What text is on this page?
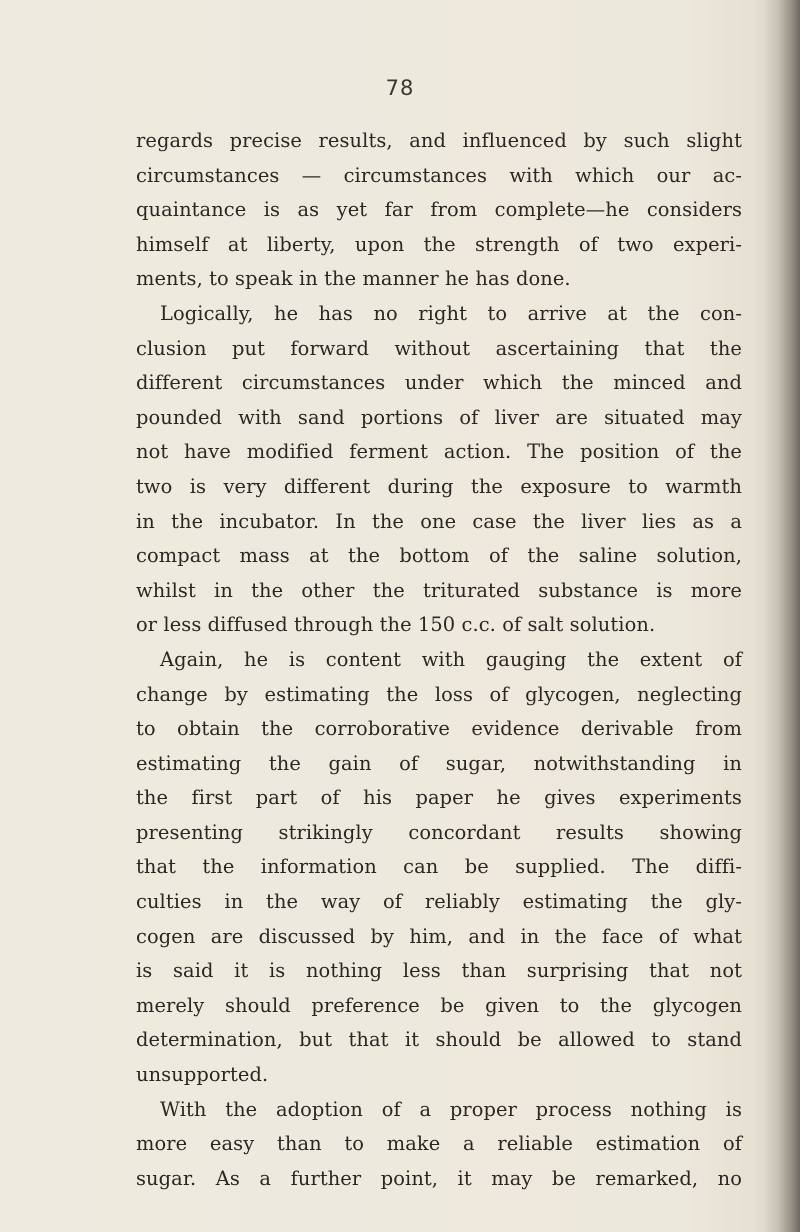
78
regards precise results, and influenced by such slight
circumstances — circumstances with which our ac-
quaintance is as yet far from complete—he considers
himself at liberty, upon the strength of two experi-
ments, to speak in the manner he has done.
Logically, he has no right to arrive at the con-
clusion put forward without ascertaining that the
different circumstances under which the minced and
pounded with sand portions of liver are situated may
not have modified ferment action. The position of the
two is very different during the exposure to warmth
in the incubator. In the one case the liver lies as a
compact mass at the bottom of the saline solution,
whilst in the other the triturated substance is more
or less diffused through the 150 c.c. of salt solution.
Again, he is content with gauging the extent of
change by estimating the loss of glycogen, neglecting
to obtain the corroborative evidence derivable from
estimating the gain of sugar, notwithstanding in
the first part of his paper he gives experiments
presenting strikingly concordant results showing
that the information can be supplied. The diffi-
culties in the way of reliably estimating the gly-
cogen are discussed by him, and in the face of what
is said it is nothing less than surprising that not
merely should preference be given to the glycogen
determination, but that it should be allowed to stand
unsupported.
With the adoption of a proper process nothing is
more easy than to make a reliable estimation of
sugar. As a further point, it may be remarked, no
